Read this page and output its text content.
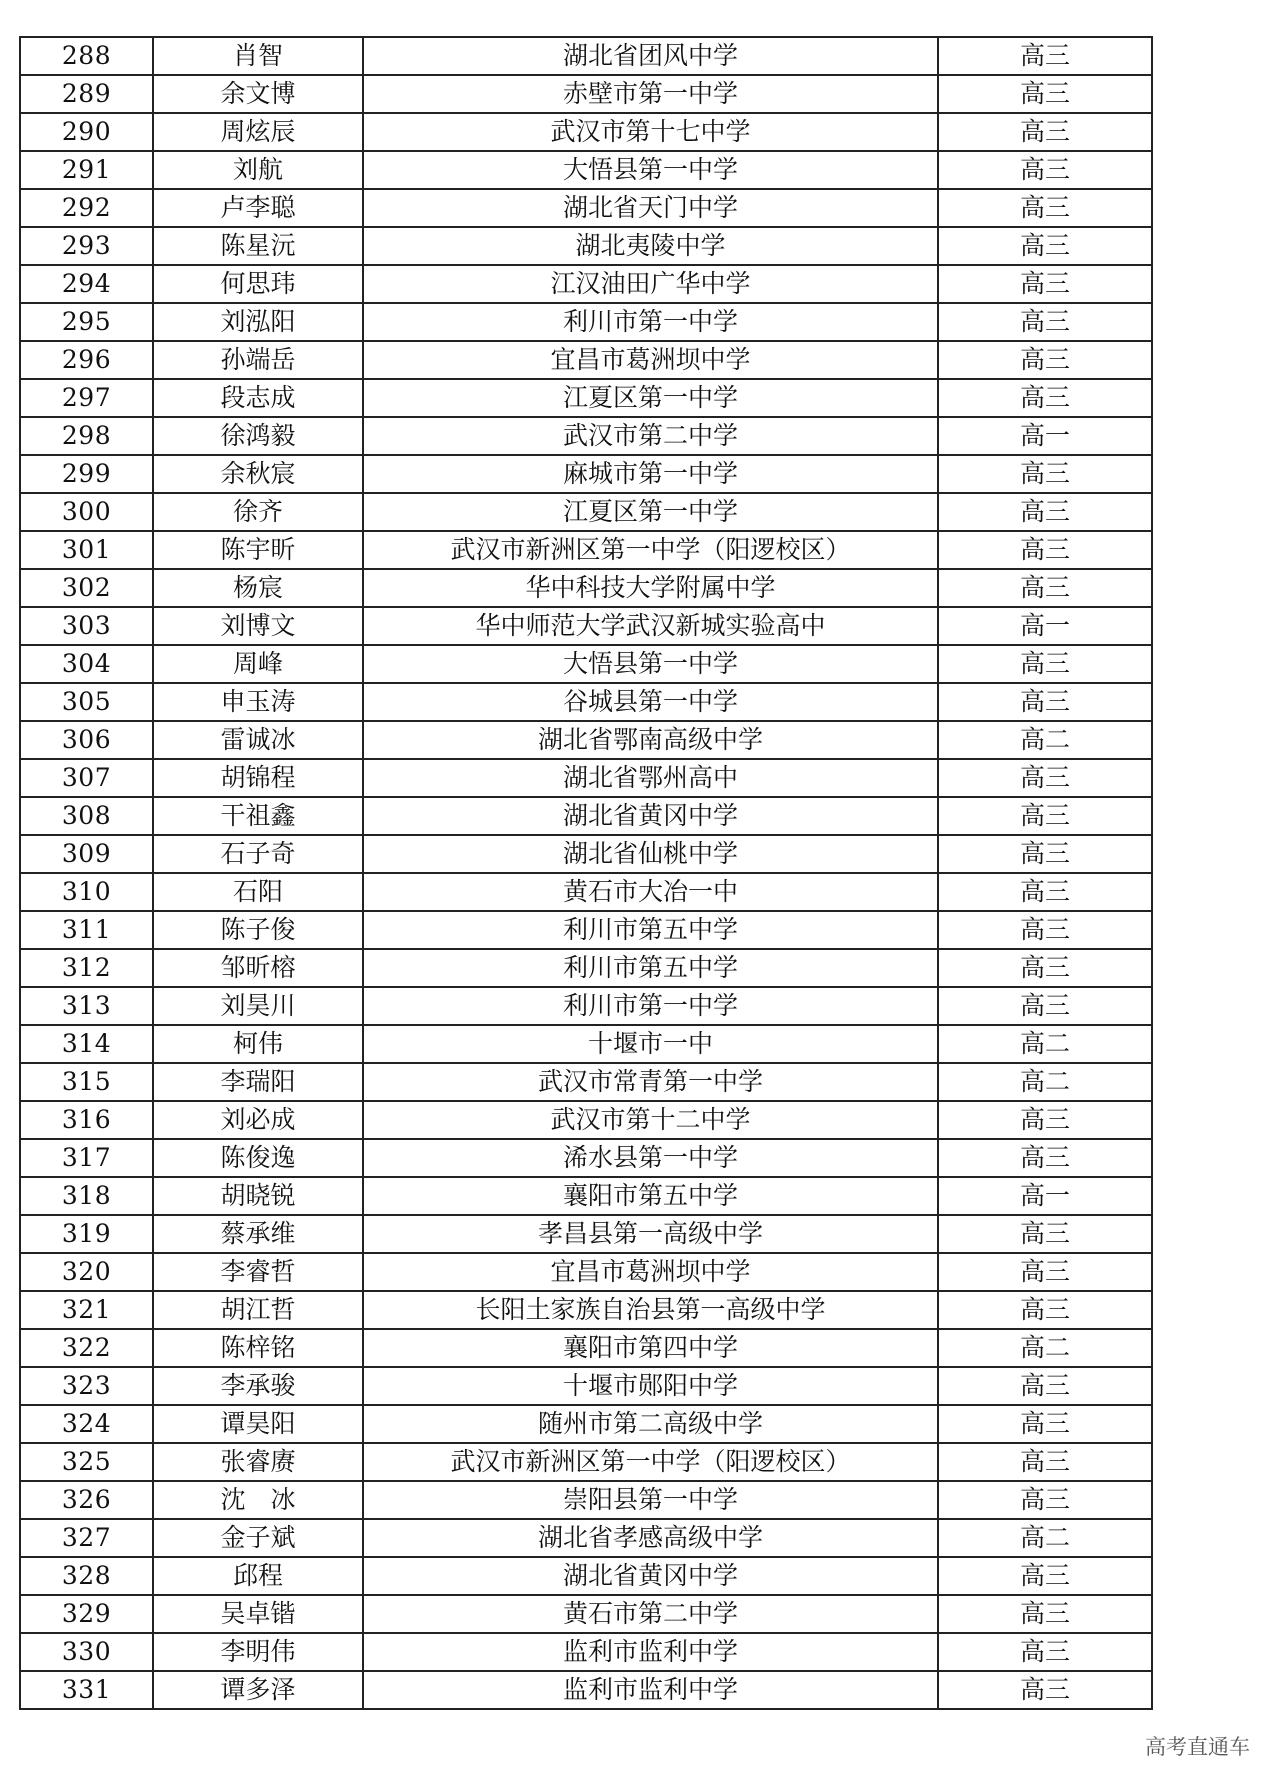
288	肖智	湖北省团风中学	高三
289	余文博	赤壁市第一中学	高三
290	周炫辰	武汉市第十七中学	高三
291	刘航	大悟县第一中学	高三
292	卢李聪	湖北省天门中学	高三
293	陈星沅	湖北夷陵中学	高三
294	何思玮	江汉油田广华中学	高三
295	刘泓阳	利川市第一中学	高三
296	孙端岳	宜昌市葛洲坝中学	高三
297	段志成	江夏区第一中学	高三
298	徐鸿毅	武汉市第二中学	高一
299	余秋宸	麻城市第一中学	高三
300	徐齐	江夏区第一中学	高三
301	陈宇昕	武汉市新洲区第一中学（阳逻校区）	高三
302	杨宸	华中科技大学附属中学	高三
303	刘博文	华中师范大学武汉新城实验高中	高一
304	周峰	大悟县第一中学	高三
305	申玉涛	谷城县第一中学	高三
306	雷诚冰	湖北省鄂南高级中学	高二
307	胡锦程	湖北省鄂州高中	高三
308	干祖鑫	湖北省黄冈中学	高三
309	石子奇	湖北省仙桃中学	高三
310	石阳	黄石市大冶一中	高三
311	陈子俊	利川市第五中学	高三
312	邹昕榕	利川市第五中学	高三
313	刘昊川	利川市第一中学	高三
314	柯伟	十堰市一中	高二
315	李瑞阳	武汉市常青第一中学	高二
316	刘必成	武汉市第十二中学	高三
317	陈俊逸	浠水县第一中学	高三
318	胡晓锐	襄阳市第五中学	高一
319	蔡承维	孝昌县第一高级中学	高三
320	李睿哲	宜昌市葛洲坝中学	高三
321	胡江哲	长阳土家族自治县第一高级中学	高三
322	陈梓铭	襄阳市第四中学	高二
323	李承骏	十堰市郧阳中学	高三
324	谭昊阳	随州市第二高级中学	高三
325	张睿赓	武汉市新洲区第一中学（阳逻校区）	高三
326	沈　冰	崇阳县第一中学	高三
327	金子斌	湖北省孝感高级中学	高二
328	邱程	湖北省黄冈中学	高三
329	吴卓锴	黄石市第二中学	高三
330	李明伟	监利市监利中学	高三
331	谭多泽	监利市监利中学	高三
高考直通车
